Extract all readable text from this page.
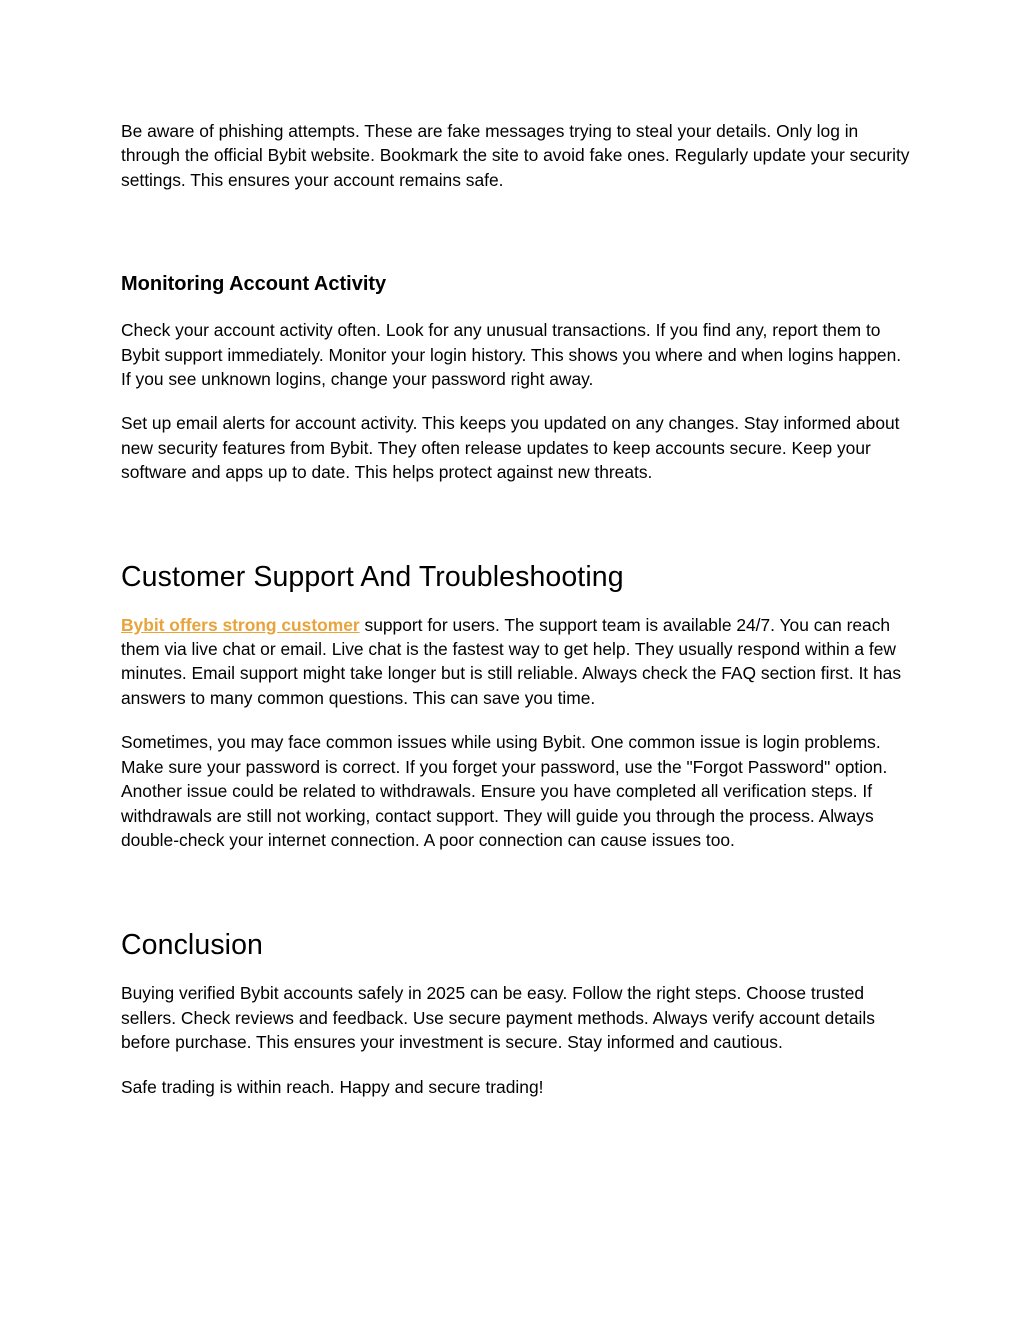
Be aware of phishing attempts. These are fake messages trying to steal your details. Only log in through the official Bybit website. Bookmark the site to avoid fake ones. Regularly update your security settings. This ensures your account remains safe.

Monitoring Account Activity

Check your account activity often. Look for any unusual transactions. If you find any, report them to Bybit support immediately. Monitor your login history. This shows you where and when logins happen. If you see unknown logins, change your password right away.

Set up email alerts for account activity. This keeps you updated on any changes. Stay informed about new security features from Bybit. They often release updates to keep accounts secure. Keep your software and apps up to date. This helps protect against new threats.

Customer Support And Troubleshooting

Bybit offers strong customer support for users. The support team is available 24/7. You can reach them via live chat or email. Live chat is the fastest way to get help. They usually respond within a few minutes. Email support might take longer but is still reliable. Always check the FAQ section first. It has answers to many common questions. This can save you time.

Sometimes, you may face common issues while using Bybit. One common issue is login problems. Make sure your password is correct. If you forget your password, use the "Forgot Password" option. Another issue could be related to withdrawals. Ensure you have completed all verification steps. If withdrawals are still not working, contact support. They will guide you through the process. Always double-check your internet connection. A poor connection can cause issues too.

Conclusion

Buying verified Bybit accounts safely in 2025 can be easy. Follow the right steps. Choose trusted sellers. Check reviews and feedback. Use secure payment methods. Always verify account details before purchase. This ensures your investment is secure. Stay informed and cautious.

Safe trading is within reach. Happy and secure trading!
